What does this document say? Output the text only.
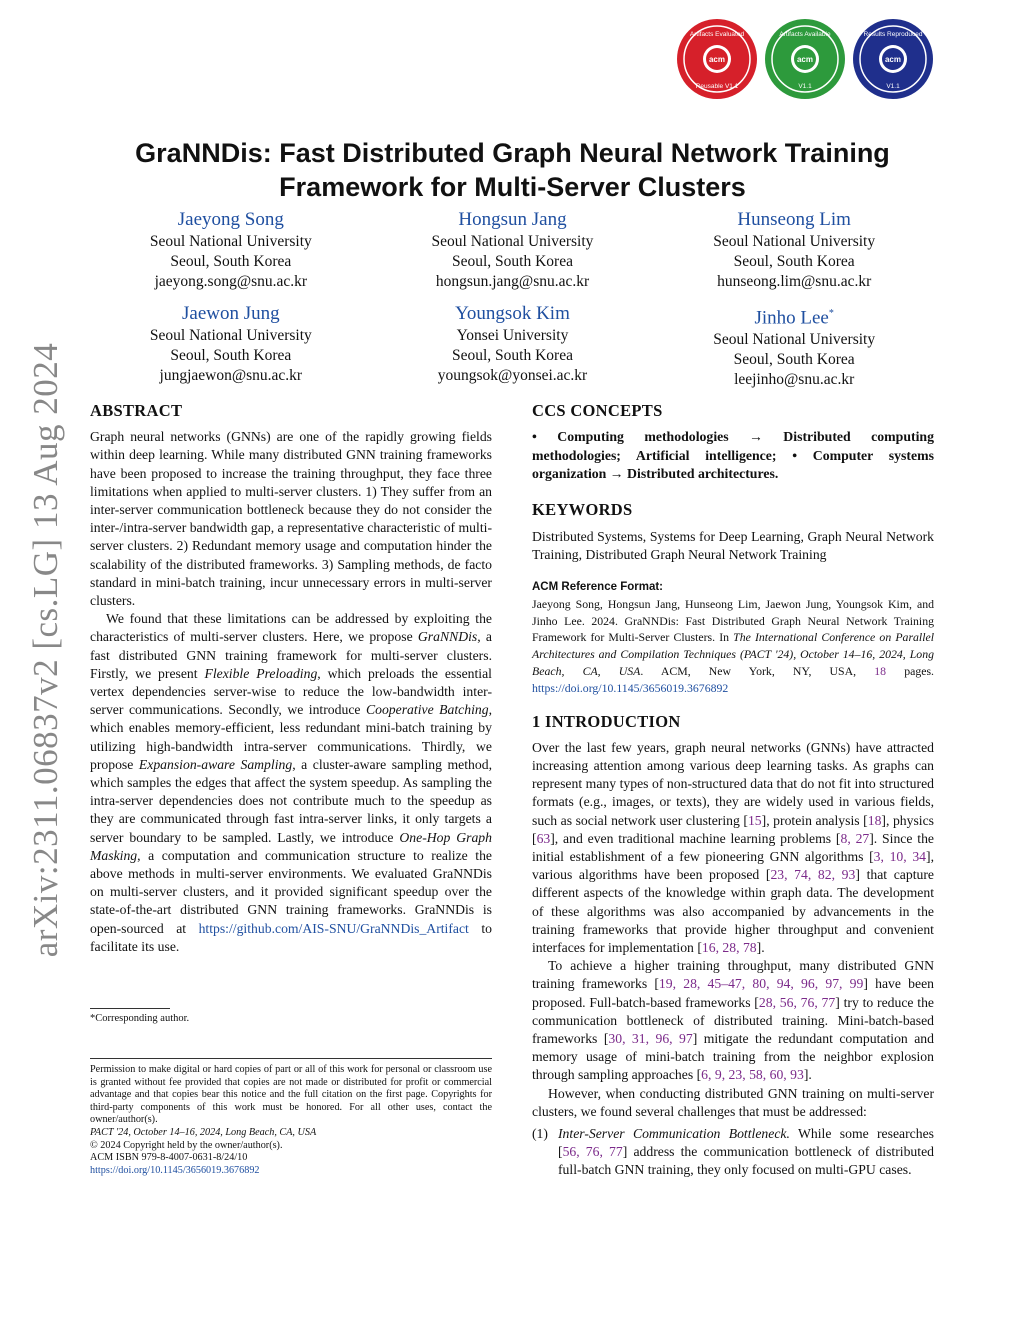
arXiv:2311.06837v2 [cs.LG] 13 Aug 2024
acm
Artifacts Evaluated
Reusable V1.1
acm
Artifacts Available
V1.1
acm
Results Reproduced
V1.1
GraNNDis: Fast Distributed Graph Neural Network Training
Framework for Multi-Server Clusters
Jaeyong Song
Seoul National University
Seoul, South Korea
jaeyong.song@snu.ac.kr
Hongsun Jang
Seoul National University
Seoul, South Korea
hongsun.jang@snu.ac.kr
Hunseong Lim
Seoul National University
Seoul, South Korea
hunseong.lim@snu.ac.kr
Jaewon Jung
Seoul National University
Seoul, South Korea
jungjaewon@snu.ac.kr
Youngsok Kim
Yonsei University
Seoul, South Korea
youngsok@yonsei.ac.kr
Jinho Lee*
Seoul National University
Seoul, South Korea
leejinho@snu.ac.kr
ABSTRACT

Graph neural networks (GNNs) are one of the rapidly growing fields within deep learning. While many distributed GNN training frameworks have been proposed to increase the training throughput, they face three limitations when applied to multi-server clusters. 1) They suffer from an inter-server communication bottleneck because they do not consider the inter-/intra-server bandwidth gap, a representative characteristic of multi-server clusters. 2) Redundant memory usage and computation hinder the scalability of the distributed frameworks. 3) Sampling methods, de facto standard in mini-batch training, incur unnecessary errors in multi-server clusters.

We found that these limitations can be addressed by exploiting the characteristics of multi-server clusters. Here, we propose GraNNDis, a fast distributed GNN training framework for multi-server clusters. Firstly, we present Flexible Preloading, which preloads the essential vertex dependencies server-wise to reduce the low-bandwidth inter-server communications. Secondly, we introduce Cooperative Batching, which enables memory-efficient, less redundant mini-batch training by utilizing high-bandwidth intra-server communications. Thirdly, we propose Expansion-aware Sampling, a cluster-aware sampling method, which samples the edges that affect the system speedup. As sampling the intra-server dependencies does not contribute much to the speedup as they are communicated through fast intra-server links, it only targets a server boundary to be sampled. Lastly, we introduce One-Hop Graph Masking, a computation and communication structure to realize the above methods in multi-server environments. We evaluated GraNNDis on multi-server clusters, and it provided significant speedup over the state-of-the-art distributed GNN training frameworks. GraNNDis is open-sourced at https://github.com/AIS-SNU/GraNNDis_Artifact to facilitate its use.

*Corresponding author.
Permission to make digital or hard copies of part or all of this work for personal or classroom use is granted without fee provided that copies are not made or distributed for profit or commercial advantage and that copies bear this notice and the full citation on the first page. Copyrights for third-party components of this work must be honored. For all other uses, contact the owner/author(s).
PACT '24, October 14–16, 2024, Long Beach, CA, USA
© 2024 Copyright held by the owner/author(s).
ACM ISBN 979-8-4007-0631-8/24/10
https://doi.org/10.1145/3656019.3676892
CCS CONCEPTS

• Computing methodologies → Distributed computing methodologies; Artificial intelligence; • Computer systems organization → Distributed architectures.

KEYWORDS

Distributed Systems, Systems for Deep Learning, Graph Neural Network Training, Distributed Graph Neural Network Training

ACM Reference Format:
Jaeyong Song, Hongsun Jang, Hunseong Lim, Jaewon Jung, Youngsok Kim, and Jinho Lee. 2024. GraNNDis: Fast Distributed Graph Neural Network Training Framework for Multi-Server Clusters. In The International Conference on Parallel Architectures and Compilation Techniques (PACT '24), October 14–16, 2024, Long Beach, CA, USA. ACM, New York, NY, USA, 18 pages. https://doi.org/10.1145/3656019.3676892
1 INTRODUCTION

Over the last few years, graph neural networks (GNNs) have attracted increasing attention among various deep learning tasks. As graphs can represent many types of non-structured data that do not fit into structured formats (e.g., images, or texts), they are widely used in various fields, such as social network user clustering [15], protein analysis [18], physics [63], and even traditional machine learning problems [8, 27]. Since the initial establishment of a few pioneering GNN algorithms [3, 10, 34], various algorithms have been proposed [23, 74, 82, 93] that capture different aspects of the knowledge within graph data. The development of these algorithms was also accompanied by advancements in the training frameworks that provide higher throughput and convenient interfaces for implementation [16, 28, 78].

To achieve a higher training throughput, many distributed GNN training frameworks [19, 28, 45–47, 80, 94, 96, 97, 99] have been proposed. Full-batch-based frameworks [28, 56, 76, 77] try to reduce the communication bottleneck of distributed training. Mini-batch-based frameworks [30, 31, 96, 97] mitigate the redundant computation and memory usage of mini-batch training from the neighbor explosion through sampling approaches [6, 9, 23, 58, 60, 93].

However, when conducting distributed GNN training on multi-server clusters, we found several challenges that must be addressed:

(1) Inter-Server Communication Bottleneck. While some researches [56, 76, 77] address the communication bottleneck of distributed full-batch GNN training, they only focused on multi-GPU cases.
